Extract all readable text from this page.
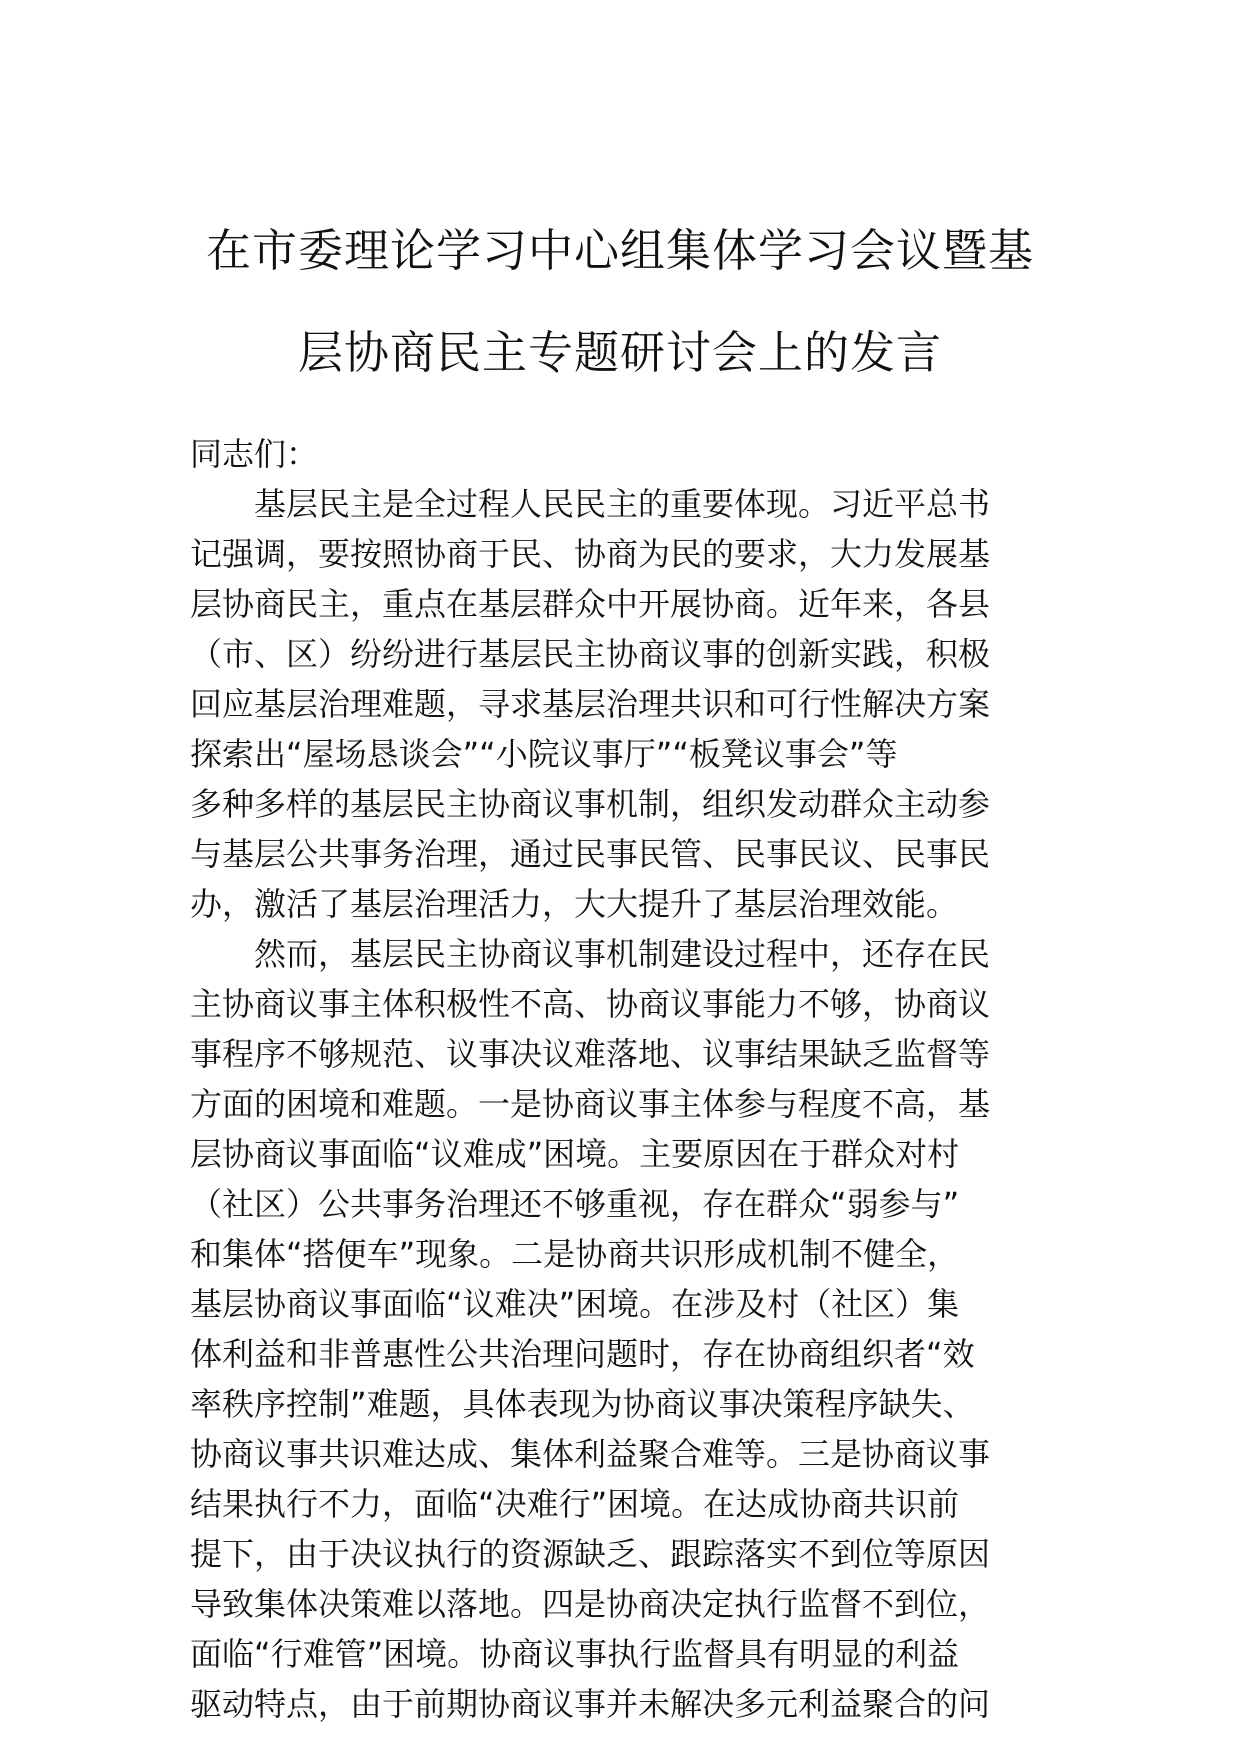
在市委理论学习中心组集体学习会议暨基
层协商民主专题研讨会上的发言

同志们：

基层民主是全过程人民民主的重要体现。习近平总书
记强调，要按照协商于民、协商为民的要求，大力发展基
层协商民主，重点在基层群众中开展协商。近年来，各县
（市、区）纷纷进行基层民主协商议事的创新实践，积极
回应基层治理难题，寻求基层治理共识和可行性解决方案
探索出“屋场恳谈会”“小院议事厅”“板凳议事会”等
多种多样的基层民主协商议事机制，组织发动群众主动参
与基层公共事务治理，通过民事民管、民事民议、民事民
办，激活了基层治理活力，大大提升了基层治理效能。

然而，基层民主协商议事机制建设过程中，还存在民
主协商议事主体积极性不高、协商议事能力不够，协商议
事程序不够规范、议事决议难落地、议事结果缺乏监督等
方面的困境和难题。一是协商议事主体参与程度不高，基
层协商议事面临“议难成”困境。主要原因在于群众对村
（社区）公共事务治理还不够重视，存在群众“弱参与”
和集体“搭便车”现象。二是协商共识形成机制不健全，
基层协商议事面临“议难决”困境。在涉及村（社区）集
体利益和非普惠性公共治理问题时，存在协商组织者“效
率秩序控制”难题，具体表现为协商议事决策程序缺失、
协商议事共识难达成、集体利益聚合难等。三是协商议事
结果执行不力，面临“决难行”困境。在达成协商共识前
提下，由于决议执行的资源缺乏、跟踪落实不到位等原因
导致集体决策难以落地。四是协商决定执行监督不到位，
面临“行难管”困境。协商议事执行监督具有明显的利益
驱动特点，由于前期协商议事并未解决多元利益聚合的问
